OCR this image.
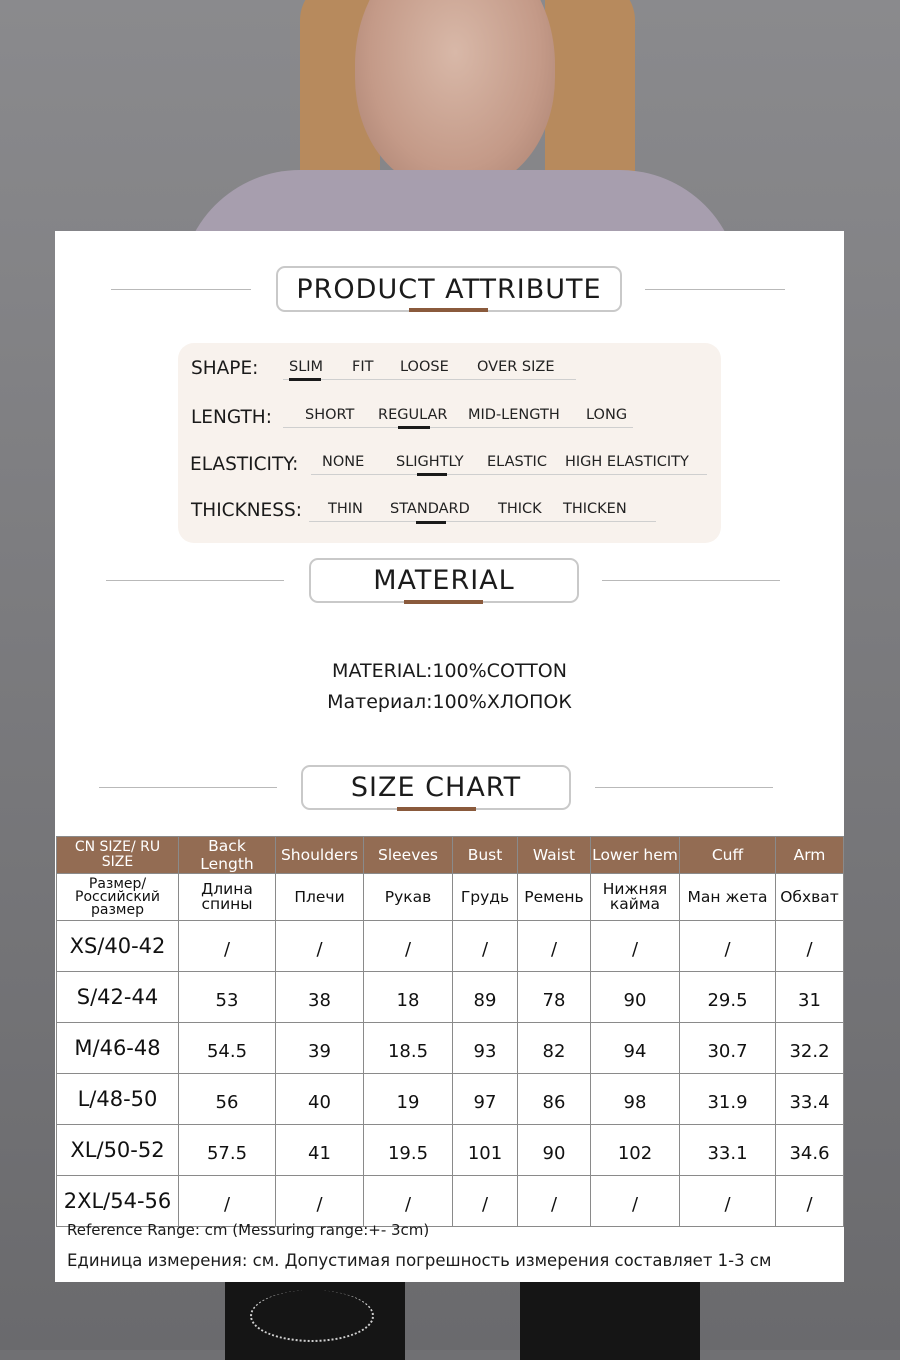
PRODUCT ATTRIBUTE
SHAPE: SLIM FIT LOOSE OVER SIZE
LENGTH: SHORT REGULAR MID-LENGTH LONG
ELASTICITY: NONE SLIGHTLY ELASTIC HIGH ELASTICITY
THICKNESS: THIN STANDARD THICK THICKEN
MATERIAL
MATERIAL:100%COTTON
Материал:100%ХЛОПОК
SIZE CHART
CN SIZE/ RU SIZE	Back Length	Shoulders	Sleeves	Bust	Waist	Lower hem	Cuff	Arm
Размер/ Российский размер	Длина спины	Плечи	Рукав	Грудь	Ремень	Нижняя кайма	Ман жета	Обхват
XS/40-42	/	/	/	/	/	/	/	/
S/42-44	53	38	18	89	78	90	29.5	31
M/46-48	54.5	39	18.5	93	82	94	30.7	32.2
L/48-50	56	40	19	97	86	98	31.9	33.4
XL/50-52	57.5	41	19.5	101	90	102	33.1	34.6
2XL/54-56	/	/	/	/	/	/	/	/
Reference Range: cm (Messuring range:+- 3cm)
Единица измерения: см. Допустимая погрешность измерения составляет 1-3 см
